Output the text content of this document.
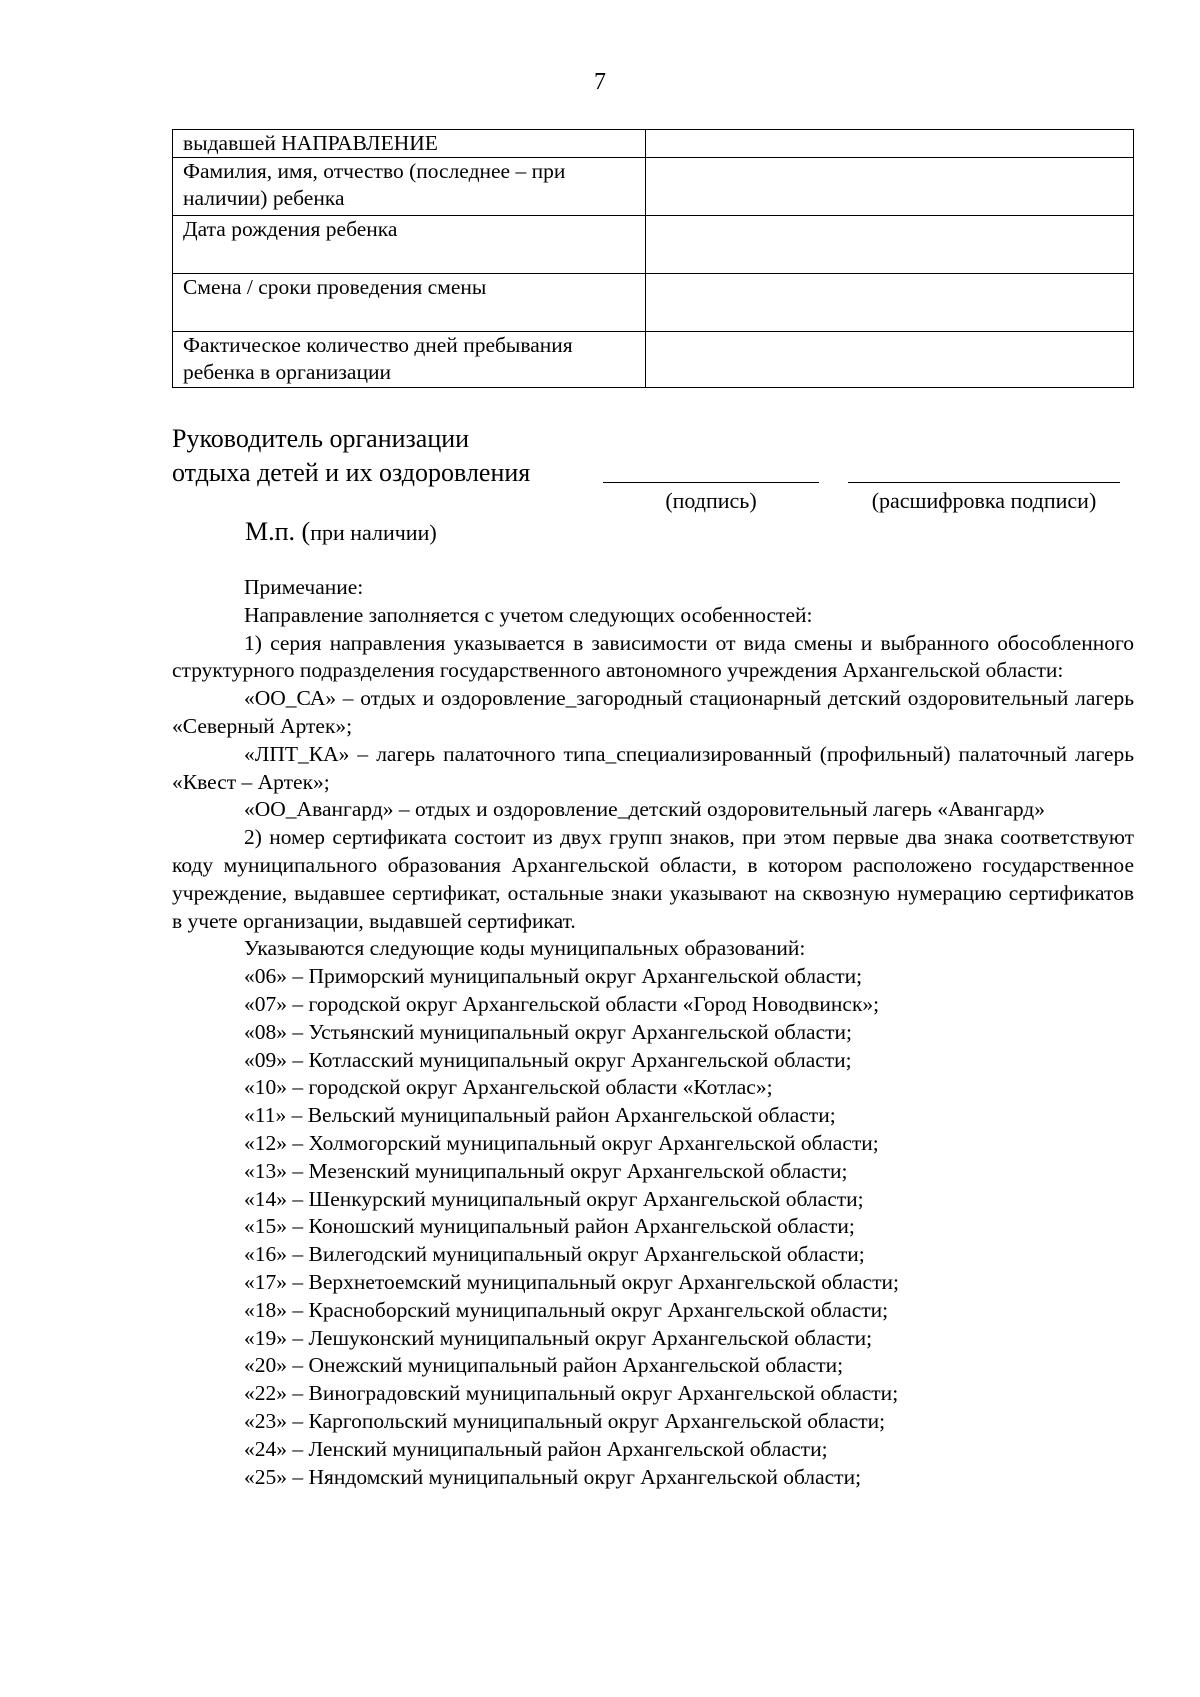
7
выдавшей НАПРАВЛЕНИЕ	
Фамилия, имя, отчество (последнее – при наличии) ребенка	
Дата рождения ребенка	
Смена / сроки проведения смены	
Фактическое количество дней пребывания ребенка в организации	
Руководитель организации
отдыха детей и их оздоровления
(подпись)	(расшифровка подписи)
М.п. (при наличии)

Примечание:

Направление заполняется с учетом следующих особенностей:

1) серия направления указывается в зависимости от вида смены и выбранного обособленного структурного подразделения государственного автономного учреждения Архангельской области:

«ОО_СА» – отдых и оздоровление_загородный стационарный детский оздоровительный лагерь «Северный Артек»;

«ЛПТ_КА» – лагерь палаточного типа_специализированный (профильный) палаточный лагерь «Квест – Артек»;

«ОО_Авангард» – отдых и оздоровление_детский оздоровительный лагерь «Авангард»

2) номер сертификата состоит из двух групп знаков, при этом первые два знака соответствуют коду муниципального образования Архангельской области, в котором расположено государственное учреждение, выдавшее сертификат, остальные знаки указывают на сквозную нумерацию сертификатов в учете организации, выдавшей сертификат.

Указываются следующие коды муниципальных образований:

«06» – Приморский муниципальный округ Архангельской области;
«07» – городской округ Архангельской области «Город Новодвинск»;
«08» – Устьянский муниципальный округ Архангельской области;
«09» – Котласский муниципальный округ Архангельской области;
«10» – городской округ Архангельской области «Котлас»;
«11» – Вельский муниципальный район Архангельской области;
«12» – Холмогорский муниципальный округ Архангельской области;
«13» – Мезенский муниципальный округ Архангельской области;
«14» – Шенкурский муниципальный округ Архангельской области;
«15» – Коношский муниципальный район Архангельской области;
«16» – Вилегодский муниципальный округ Архангельской области;
«17» – Верхнетоемский муниципальный округ Архангельской области;
«18» – Красноборский муниципальный округ Архангельской области;
«19» – Лешуконский муниципальный округ Архангельской области;
«20» – Онежский муниципальный район Архангельской области;
«22» – Виноградовский муниципальный округ Архангельской области;
«23» – Каргопольский муниципальный округ Архангельской области;
«24» – Ленский муниципальный район Архангельской области;
«25» – Няндомский муниципальный округ Архангельской области;
